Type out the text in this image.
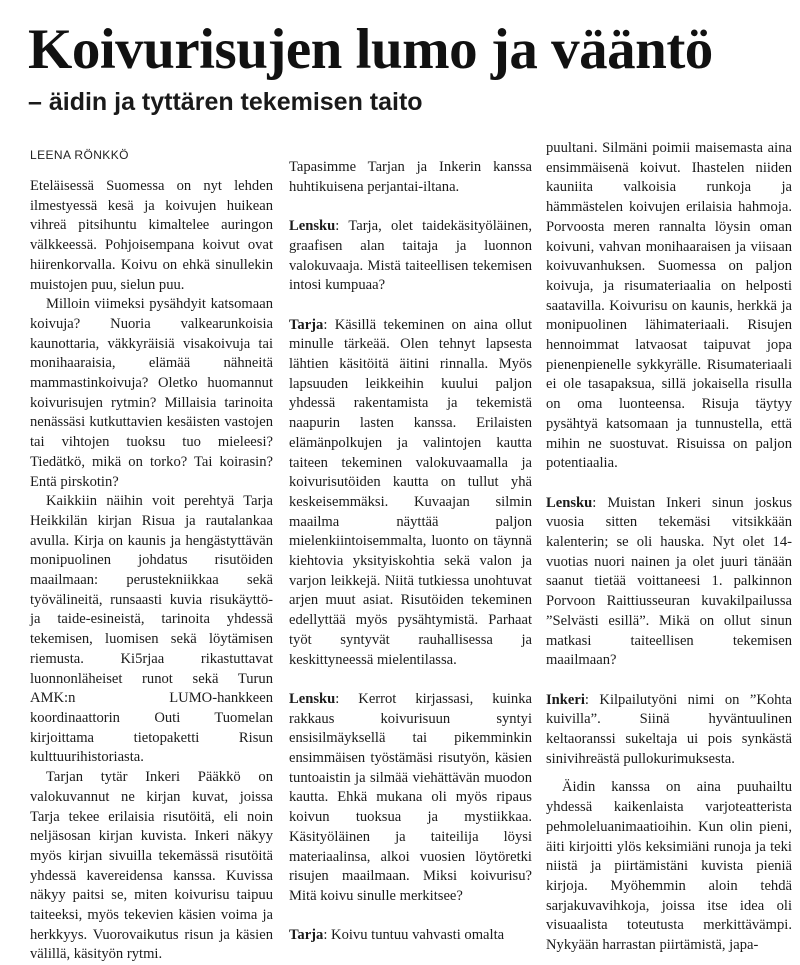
Koivurisujen lumo ja vääntö
– äidin ja tyttären tekemisen taito
LEENA RÖNKKÖ

Eteläisessä Suomessa on nyt lehden ilmestyessä kesä ja koivujen huikean vihreä pitsihuntu kimaltelee auringon välkkeessä. Pohjoisempana koivut ovat hiirenkorvalla. Koivu on ehkä sinullekin muistojen puu, sielun puu.

Milloin viimeksi pysähdyit katsomaan koivuja? Nuoria valkearunkoisia kaunottaria, väkkyräisiä visakoivuja tai monihaaraisia, elämää nähneitä mammastinkoivuja? Oletko huomannut koivurisujen rytmin? Millaisia tarinoita nenässäsi kutkuttavien kesäisten vastojen tai vihtojen tuoksu tuo mieleesi? Tiedätkö, mikä on torko? Tai koirasin? Entä pirskotin?

Kaikkiin näihin voit perehtyä Tarja Heikkilän kirjan Risua ja rautalankaa avulla. Kirja on kaunis ja hengästyttävän monipuolinen johdatus risutöiden maailmaan: perustekniikkaa sekä työvälineitä, runsaasti kuvia risukäyttö- ja taide-esineistä, tarinoita yhdessä tekemisen, luomisen sekä löytämisen riemusta. Ki5rjaa rikastuttavat luonnonläheiset runot sekä Turun AMK:n LUMO-hankkeen koordinaattorin Outi Tuomelan kirjoittama tietopaketti Risun kulttuurihistoriasta.

Tarjan tytär Inkeri Pääkkö on valokuvannut ne kirjan kuvat, joissa Tarja tekee erilaisia risutöitä, eli noin neljäsosan kirjan kuvista. Inkeri näkyy myös kirjan sivuilla tekemässä risutöitä yhdessä kavereidensa kanssa. Kuvissa näkyy paitsi se, miten koivurisu taipuu taiteeksi, myös tekevien käsien voima ja herkkyys. Vuorovaikutus risun ja käsien välillä, käsityön rytmi.

Tapasimme Tarjan ja Inkerin kanssa huhtikuisena perjantai-iltana.

Lensku: Tarja, olet taidekäsityöläinen, graafisen alan taitaja ja luonnon valokuvaaja. Mistä taiteellisen tekemisen intosi kumpuaa?

Tarja: Käsillä tekeminen on aina ollut minulle tärkeää. Olen tehnyt lapsesta lähtien käsitöitä äitini rinnalla. Myös lapsuuden leikkeihin kuului paljon yhdessä rakentamista ja tekemistä naapurin lasten kanssa. Erilaisten elämänpolkujen ja valintojen kautta taiteen tekeminen valokuvaamalla ja koivurisutöiden kautta on tullut yhä keskeisemmäksi. Kuvaajan silmin maailma näyttää paljon mielenkiintoisemmalta, luonto on täynnä kiehtovia yksityiskohtia sekä valon ja varjon leikkejä. Niitä tutkiessa unohtuvat arjen muut asiat. Risutöiden tekeminen edellyttää myös pysähtymistä. Parhaat työt syntyvät rauhallisessa ja keskittyneessä mielentilassa.

Lensku: Kerrot kirjassasi, kuinka rakkaus koivurisuun syntyi ensisilmäyksellä tai pikemminkin ensimmäisen työstämäsi risutyön, käsien tuntoaistin ja silmää viehättävän muodon kautta. Ehkä mukana oli myös ripaus koivun tuoksua ja mystiikkaa. Käsityöläinen ja taiteilija löysi materiaalinsa, alkoi vuosien löytöretki risujen maailmaan. Miksi koivurisu? Mitä koivu sinulle merkitsee?

Tarja: Koivu tuntuu vahvasti omalta

puultani. Silmäni poimii maisemasta aina ensimmäisenä koivut. Ihastelen niiden kauniita valkoisia runkoja ja hämmästelen koivujen erilaisia hahmoja. Porvoosta meren rannalta löysin oman koivuni, vahvan monihaaraisen ja viisaan koivuvanhuksen. Suomessa on paljon koivuja, ja risumateriaalia on helposti saatavilla. Koivurisu on kaunis, herkkä ja monipuolinen lähimateriaali. Risujen hennoimmat latvaosat taipuvat jopa pienenpienelle sykkyrälle. Risumateriaali ei ole tasapaksua, sillä jokaisella risulla on oma luonteensa. Risuja täytyy pysähtyä katsomaan ja tunnustella, että mihin ne suostuvat. Risuissa on paljon potentiaalia.

Lensku: Muistan Inkeri sinun joskus vuosia sitten tekemäsi vitsikkään kalenterin; se oli hauska. Nyt olet 14-vuotias nuori nainen ja olet juuri tänään saanut tietää voittaneesi 1. palkinnon Porvoon Raittiusseuran kuvakilpailussa ”Selvästi esillä”. Mikä on ollut sinun matkasi taiteellisen tekemisen maailmaan?

Inkeri: Kilpailutyöni nimi on ”Kohta kuivilla”. Siinä hyväntuulinen keltaoranssi sukeltaja ui pois synkästä sinivihreästä pullokurimuksesta.

Äidin kanssa on aina puuhailtu yhdessä kaikenlaista varjoteatterista pehmoleluanimaatioihin. Kun olin pieni, äiti kirjoitti ylös keksimiäni runoja ja teki niistä ja piirtämistäni kuvista pieniä kirjoja. Myöhemmin aloin tehdä sarjakuvavihkoja, joissa itse idea oli visuaalista toteutusta merkittävämpi. Nykyään harrastan piirtämistä, japa-
